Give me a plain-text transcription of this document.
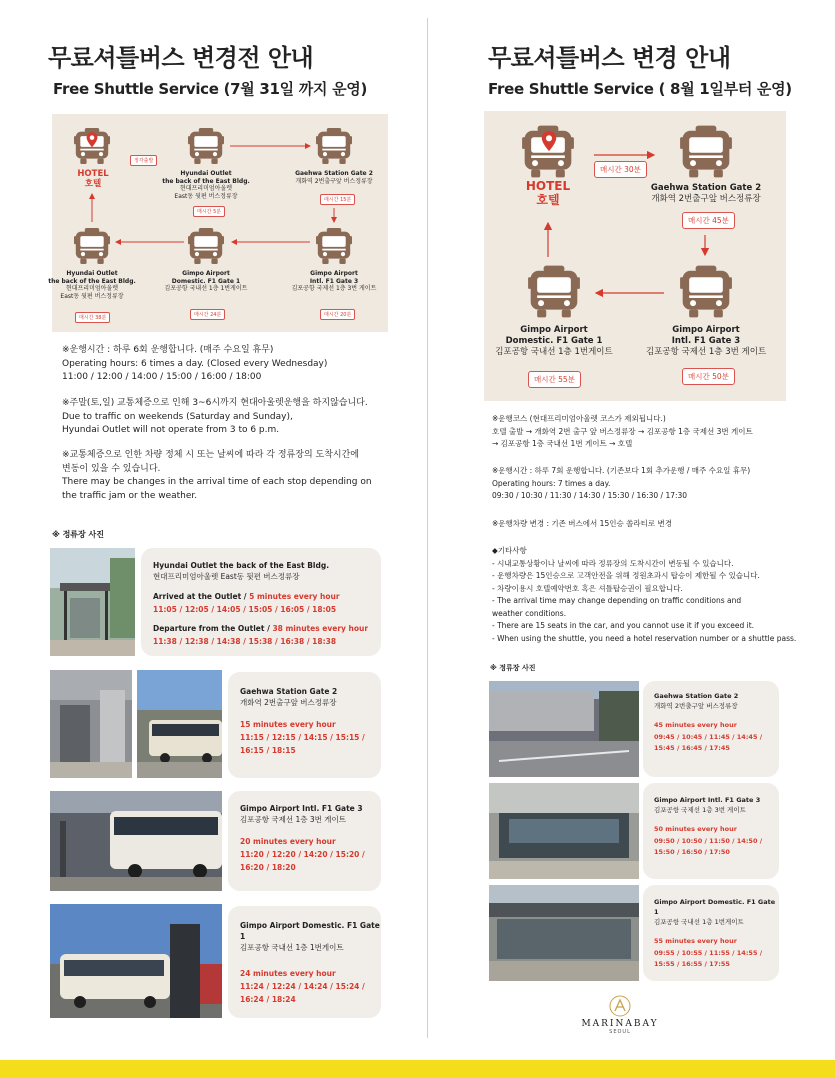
무료셔틀버스 변경전 안내
Free Shuttle Service (7월 31일 까지 운영)
HOTEL
호텔
정각출발
Hyundai Outlet
the back of the East Bldg.
현대프리미엄아울렛
East동 뒷편 버스정류장
매시간 5분
Gaehwa Station Gate 2
개화역 2번출구앞 버스정류장
매시간 15분
Gimpo Airport
Intl. F1 Gate 3
김포공항 국제선 1층 3번 게이트
매시간 20분
Gimpo Airport
Domestic. F1 Gate 1
김포공항 국내선 1층 1번게이트
매시간 24분
Hyundai Outlet
the back of the East Bldg.
현대프리미엄아울렛
East동 뒷편 버스정류장
매시간 38분
※운행시간 : 하루 6회 운행합니다. (매주 수요일 휴무)
Operating hours: 6 times a day. (Closed every Wednesday)
11:00 / 12:00 / 14:00 / 15:00 / 16:00 / 18:00
※주말(토,일) 교통체증으로 인해 3~6시까지 현대아울렛운행을 하지않습니다.
Due to traffic on weekends (Saturday and Sunday),
Hyundai Outlet will not operate from 3 to 6 p.m.
※교통체증으로 인한 차량 정체 시 또는 날씨에 따라 각 정류장의 도착시간에
변동이 있을 수 있습니다.
There may be changes in the arrival time of each stop depending on
the traffic jam or the weather.
※ 정류장 사진
Hyundai Outlet the back of the East Bldg.
현대프리미엄아울렛 East동 뒷편 버스정류장
Arrived at the Outlet / 5 minutes every hour
11:05 / 12:05 / 14:05 / 15:05 / 16:05 / 18:05
Departure from the Outlet / 38 minutes every hour
11:38 / 12:38 / 14:38 / 15:38 / 16:38 / 18:38
Gaehwa Station Gate 2
개화역 2번출구앞 버스정류장
15 minutes every hour
11:15 / 12:15 / 14:15 / 15:15 /
16:15 / 18:15
Gimpo Airport Intl. F1 Gate 3
김포공항 국제선 1층 3번 게이트
20 minutes every hour
11:20 / 12:20 / 14:20 / 15:20 /
16:20 / 18:20
Gimpo Airport Domestic. F1 Gate 1
김포공항 국내선 1층 1번게이트
24 minutes every hour
11:24 / 12:24 / 14:24 / 15:24 /
16:24 / 18:24
무료셔틀버스 변경 안내
Free Shuttle Service ( 8월 1일부터 운영)
HOTEL
호텔
매시간 30분
Gaehwa Station Gate 2
개화역 2번출구앞 버스정류장
매시간 45분
Gimpo Airport
Intl. F1 Gate 3
김포공항 국제선 1층 3번 게이트
매시간 50분
Gimpo Airport
Domestic. F1 Gate 1
김포공항 국내선 1층 1번게이트
매시간 55분
※운행코스 (현대프리미엄아울렛 코스가 제외됩니다.)
호텔 출발 → 개화역 2번 출구 앞 버스정류장 → 김포공항 1층 국제선 3번 게이트
→ 김포공항 1층 국내선 1번 게이트 → 호텔
※운행시간 : 하루 7회 운행합니다. (기존보다 1회 추가운행 / 매주 수요일 휴무)
Operating hours: 7 times a day.
09:30 / 10:30 / 11:30 / 14:30 / 15:30 / 16:30 / 17:30
※운행차량 변경 : 기존 버스에서 15인승 쏠라티로 변경
◆기타사항
- 시내교통상황이나 날씨에 따라 정류장의 도착시간이 변동될 수 있습니다.
- 운행차량은 15인승으로 고객안전을 위해 정원초과시 탑승이 제한될 수 있습니다.
- 차량이용시 호텔예약번호 혹은 셔틀탑승권이 필요합니다.
- The arrival time may change depending on traffic conditions and
weather conditions.
- There are 15 seats in the car, and you cannot use it if you exceed it.
- When using the shuttle, you need a hotel reservation number or a shuttle pass.
※ 정류장 사진
Gaehwa Station Gate 2
개화역 2번출구앞 버스정류장
45 minutes every hour
09:45 / 10:45 / 11:45 / 14:45 /
15:45 / 16:45 / 17:45
Gimpo Airport Intl. F1 Gate 3
김포공항 국제선 1층 3번 게이트
50 minutes every hour
09:50 / 10:50 / 11:50 / 14:50 /
15:50 / 16:50 / 17:50
Gimpo Airport Domestic. F1 Gate 1
김포공항 국내선 1층 1번게이트
55 minutes every hour
09:55 / 10:55 / 11:55 / 14:55 /
15:55 / 16:55 / 17:55
MARINABAY
SEOUL
